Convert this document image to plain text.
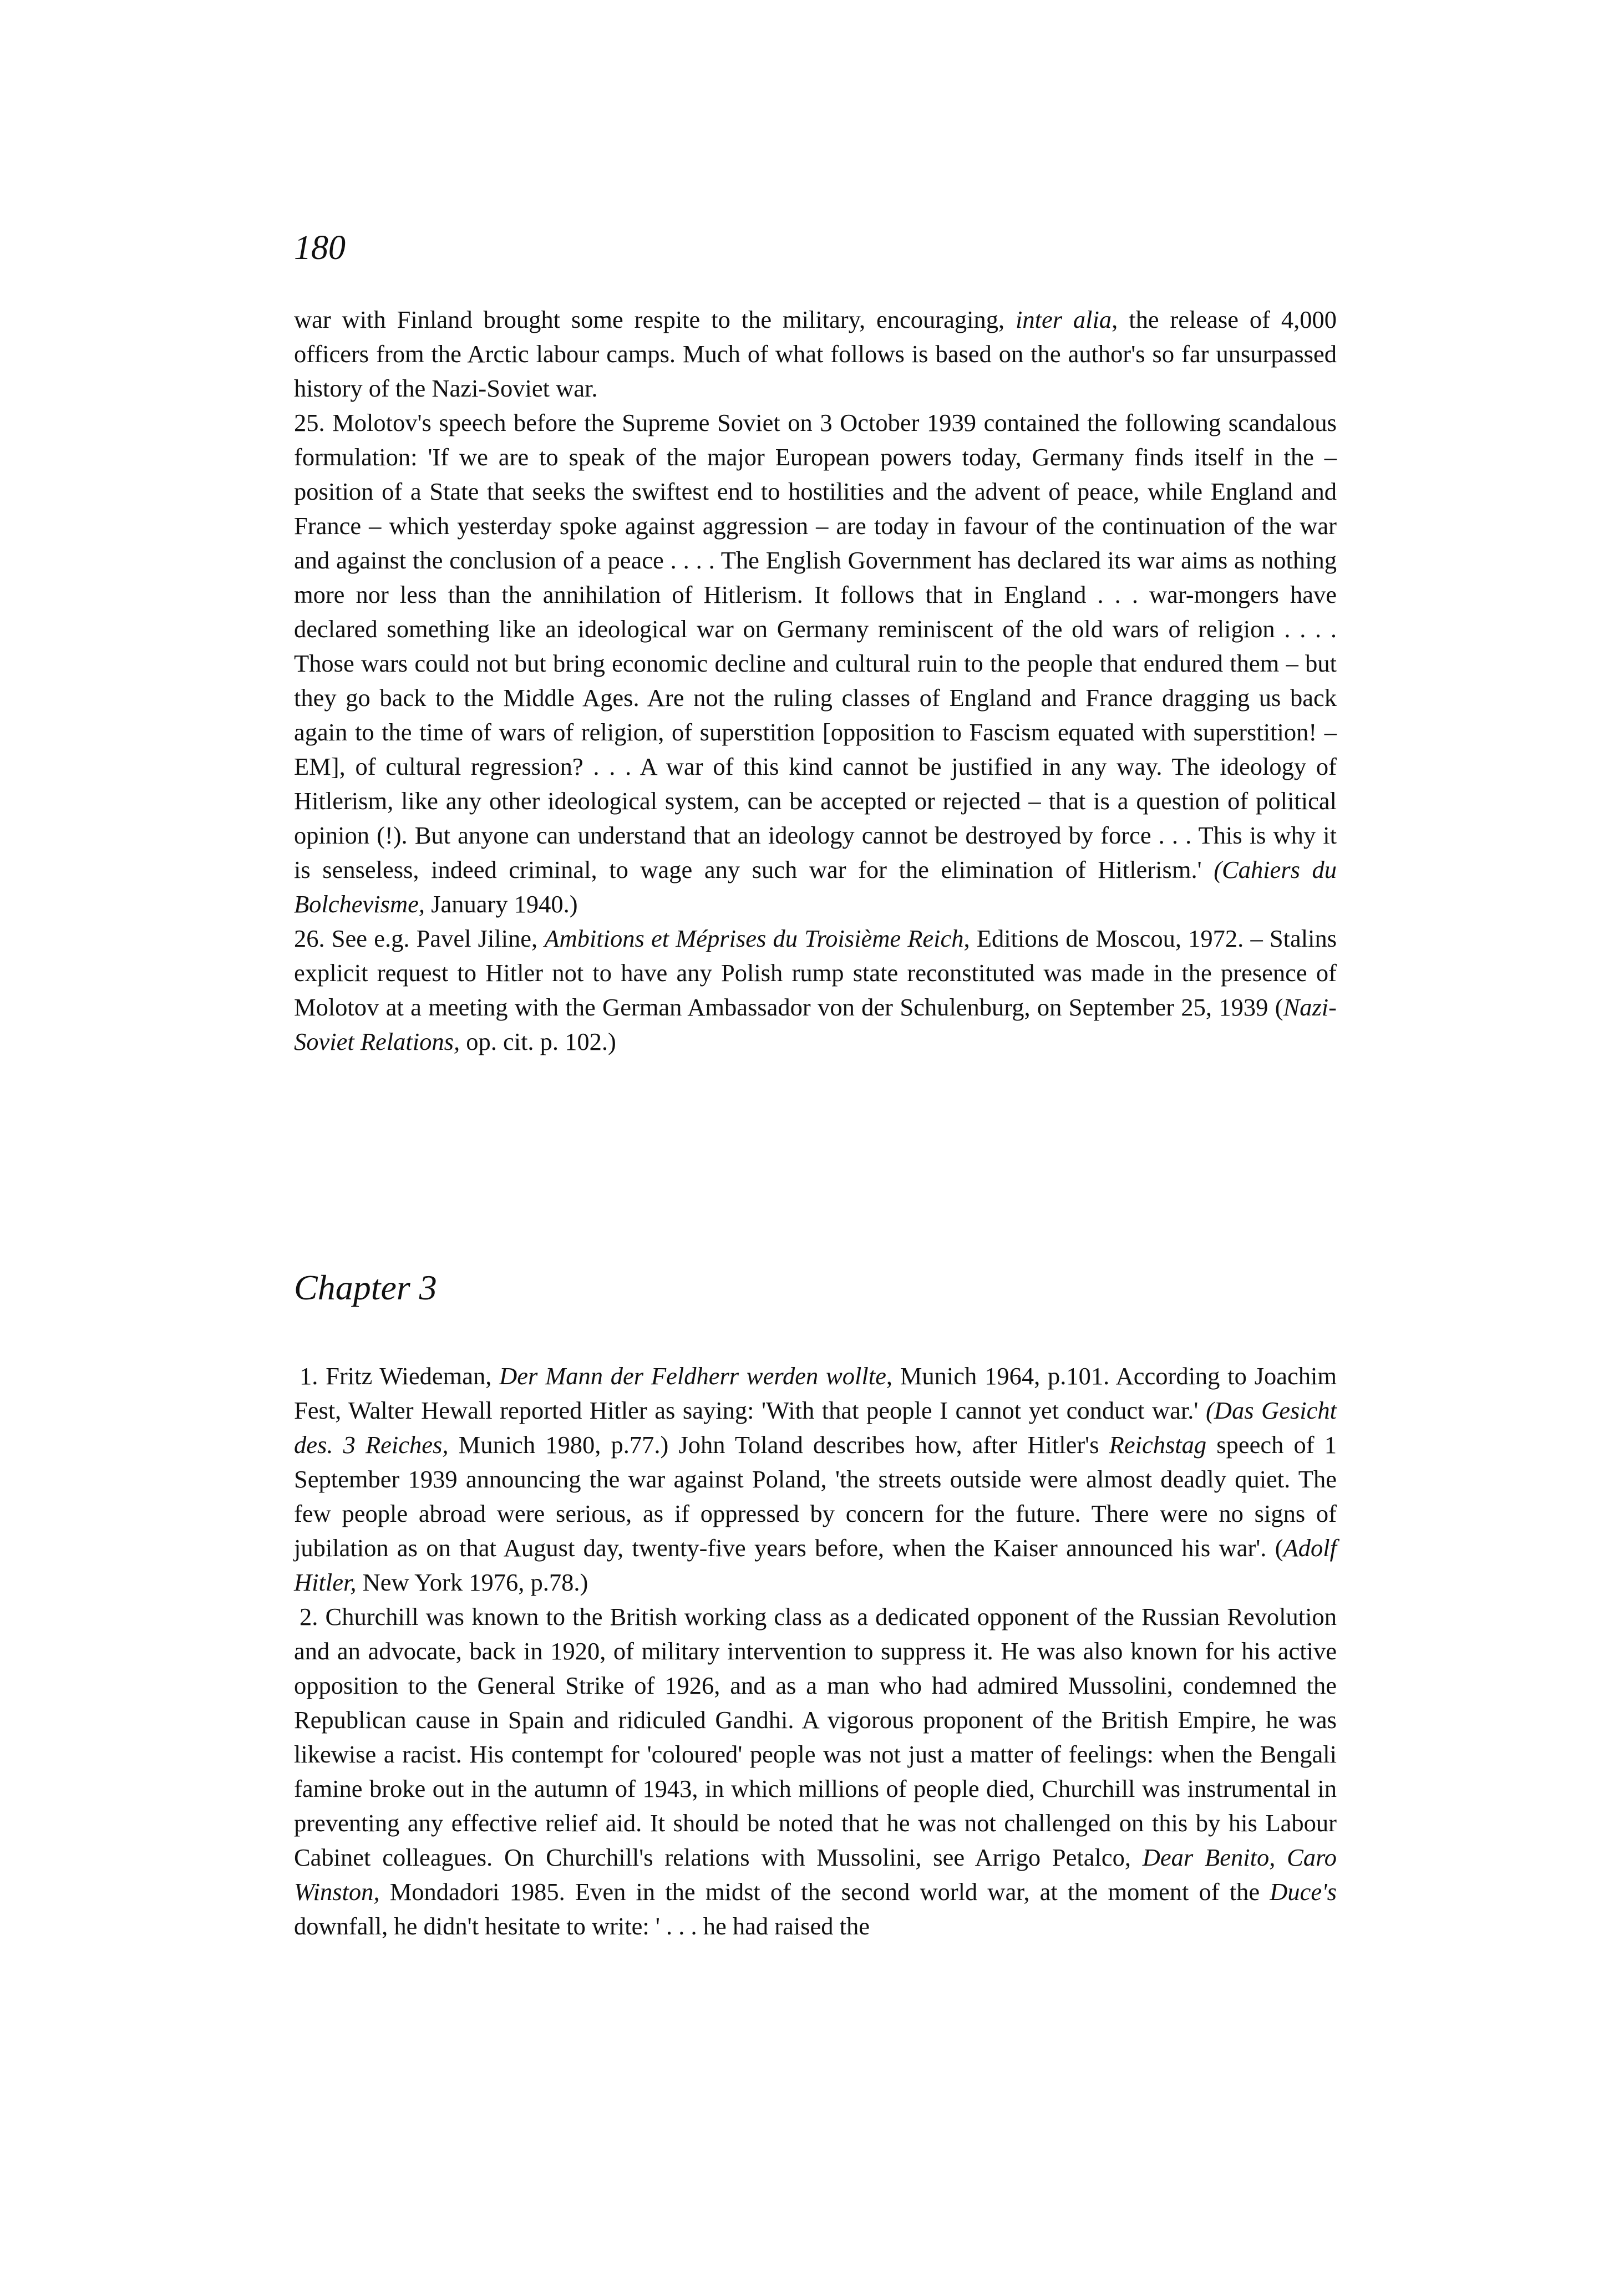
180

war with Finland brought some respite to the military, encouraging, inter alia, the release of 4,000 officers from the Arctic labour camps. Much of what follows is based on the author's so far unsurpassed history of the Nazi-Soviet war.

25. Molotov's speech before the Supreme Soviet on 3 October 1939 contained the following scandalous formulation: 'If we are to speak of the major European powers today, Germany finds itself in the – position of a State that seeks the swiftest end to hostilities and the advent of peace, while England and France – which yesterday spoke against aggression – are today in favour of the continuation of the war and against the conclusion of a peace . . . . The English Government has declared its war aims as nothing more nor less than the annihilation of Hitlerism. It follows that in England . . . war-mongers have declared something like an ideological war on Germany reminiscent of the old wars of religion . . . . Those wars could not but bring economic decline and cultural ruin to the people that endured them – but they go back to the Middle Ages. Are not the ruling classes of England and France dragging us back again to the time of wars of religion, of superstition [opposition to Fascism equated with superstition! – EM], of cultural regression? . . . A war of this kind cannot be justified in any way. The ideology of Hitlerism, like any other ideological system, can be accepted or rejected – that is a question of political opinion (!). But anyone can understand that an ideology cannot be destroyed by force . . . This is why it is senseless, indeed criminal, to wage any such war for the elimination of Hitlerism.' (Cahiers du Bolchevisme, January 1940.)

26. See e.g. Pavel Jiline, Ambitions et Méprises du Troisième Reich, Editions de Moscou, 1972. – Stalins explicit request to Hitler not to have any Polish rump state reconstituted was made in the presence of Molotov at a meeting with the German Ambassador von der Schulenburg, on September 25, 1939 (Nazi-Soviet Relations, op. cit. p. 102.)

Chapter 3

1. Fritz Wiedeman, Der Mann der Feldherr werden wollte, Munich 1964, p.101. According to Joachim Fest, Walter Hewall reported Hitler as saying: 'With that people I cannot yet conduct war.' (Das Gesicht des. 3 Reiches, Munich 1980, p.77.) John Toland describes how, after Hitler's Reichstag speech of 1 September 1939 announcing the war against Poland, 'the streets outside were almost deadly quiet. The few people abroad were serious, as if oppressed by concern for the future. There were no signs of jubilation as on that August day, twenty-five years before, when the Kaiser announced his war'. (Adolf Hitler, New York 1976, p.78.)

2. Churchill was known to the British working class as a dedicated opponent of the Russian Revolution and an advocate, back in 1920, of military intervention to suppress it. He was also known for his active opposition to the General Strike of 1926, and as a man who had admired Mussolini, condemned the Republican cause in Spain and ridiculed Gandhi. A vigorous proponent of the British Empire, he was likewise a racist. His contempt for 'coloured' people was not just a matter of feelings: when the Bengali famine broke out in the autumn of 1943, in which millions of people died, Churchill was instrumental in preventing any effective relief aid. It should be noted that he was not challenged on this by his Labour Cabinet colleagues. On Churchill's relations with Mussolini, see Arrigo Petalco, Dear Benito, Caro Winston, Mondadori 1985. Even in the midst of the second world war, at the moment of the Duce's downfall, he didn't hesitate to write: ' . . . he had raised the
